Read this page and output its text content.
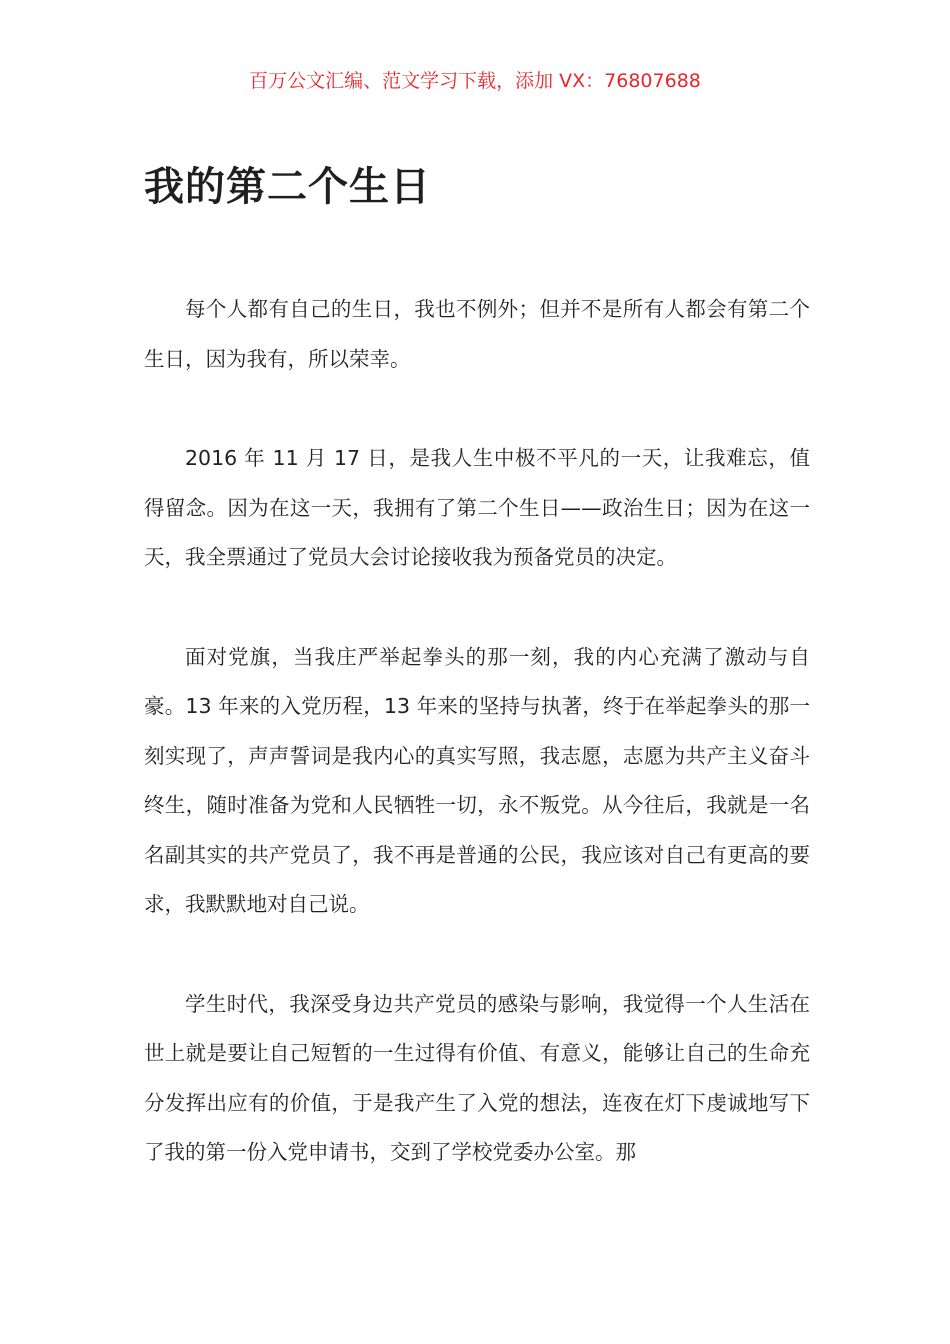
百万公文汇编、范文学习下载，添加 VX：76807688
我的第二个生日

每个人都有自己的生日，我也不例外；但并不是所有人都会有第二个生日，因为我有，所以荣幸。

2016 年 11 月 17 日，是我人生中极不平凡的一天，让我难忘，值得留念。因为在这一天，我拥有了第二个生日——政治生日；因为在这一天，我全票通过了党员大会讨论接收我为预备党员的决定。

面对党旗，当我庄严举起拳头的那一刻，我的内心充满了激动与自豪。13 年来的入党历程，13 年来的坚持与执著，终于在举起拳头的那一刻实现了，声声誓词是我内心的真实写照，我志愿，志愿为共产主义奋斗终生，随时准备为党和人民牺牲一切，永不叛党。从今往后，我就是一名名副其实的共产党员了，我不再是普通的公民，我应该对自己有更高的要求，我默默地对自己说。

学生时代，我深受身边共产党员的感染与影响，我觉得一个人生活在世上就是要让自己短暂的一生过得有价值、有意义，能够让自己的生命充分发挥出应有的价值，于是我产生了入党的想法，连夜在灯下虔诚地写下了我的第一份入党申请书，交到了学校党委办公室。那
